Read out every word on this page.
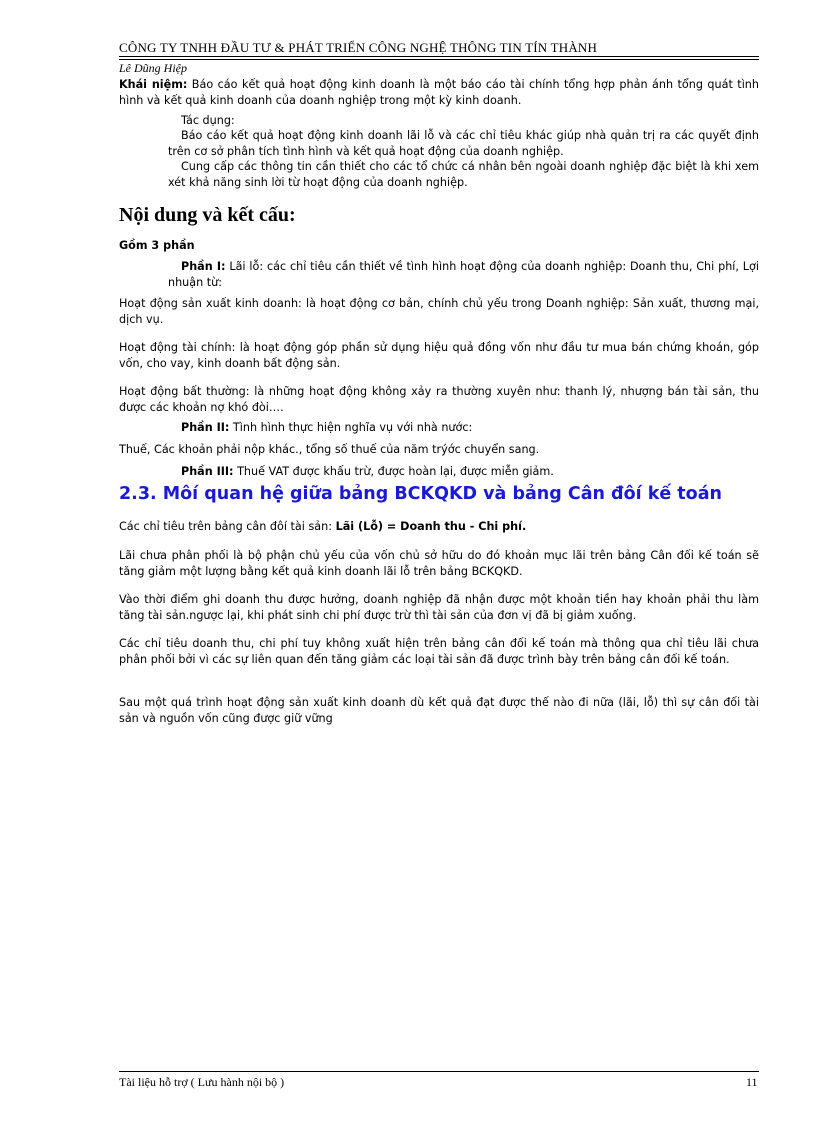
CÔNG TY TNHH ĐẦU TƯ & PHÁT TRIỂN CÔNG NGHỆ THÔNG TIN TÍN THÀNH
Lê Dũng Hiệp
Khái niệm: Báo cáo kết quả hoạt động kinh doanh là một báo cáo tài chính tổng hợp phản ánh tổng quát tình hình và kết quả kinh doanh của doanh nghiệp trong một kỳ kinh doanh.
Tác dụng:
Báo cáo kết quả hoạt động kinh doanh lãi lỗ và các chỉ tiêu khác giúp nhà quản trị ra các quyết định trên cơ sở phân tích tình hình và kết quả hoạt động của doanh nghiệp.
Cung cấp các thông tin cần thiết cho các tổ chức cá nhân bên ngoài doanh nghiệp đặc biệt là khi xem xét khả năng sinh lời từ hoạt động của doanh nghiệp.
Nội dung và kết cấu:
Gồm 3 phần
Phần I: Lãi lỗ: các chỉ tiêu cần thiết về tình hình hoạt động của doanh nghiệp: Doanh thu, Chi phí, Lợi nhuận từ:
Hoạt động sản xuất kinh doanh: là hoạt động cơ bản, chính chủ yếu trong Doanh nghiệp: Sản xuất, thương mại, dịch vụ.
Hoạt động tài chính: là hoạt động góp phần sử dụng hiệu quả đồng vốn như đầu tư mua bán chứng khoán, góp vốn, cho vay, kinh doanh bất động sản.
Hoạt động bất thường: là những hoạt động không xảy ra thường xuyên như: thanh lý, nhượng bán tài sản, thu được các khoản nợ khó đòi….
Phần II: Tình hình thực hiện nghĩa vụ với nhà nước:
Thuế, Các khoản phải nộp khác., tổng số thuế của năm trýớc chuyển sang.
Phần III: Thuế VAT được khấu trừ, được hoàn lại, được miễn giảm.
2.3. Môí quan hệ giữa bảng BCKQKD và bảng Cân đôí kế toán
Các chỉ tiêu trên bảng cân đôí tài sản: Lãi (Lỗ) = Doanh thu - Chi phí.
Lãi chưa phân phối là bộ phận chủ yếu của vốn chủ sở hữu do đó khoản mục lãi trên bảng Cân đối kế toán sẽ tăng giảm một lượng bằng kết quả kinh doanh lãi lỗ trên bảng BCKQKD.
Vào thời điểm ghi doanh thu được hưởng, doanh nghiệp đã nhận được một khoản tiền hay khoản phải thu làm tăng tài sản.ngược lại, khi phát sinh chi phí được trừ thì tài sản của đơn vị đã bị giảm xuống.
Các chỉ tiêu doanh thu, chi phí tuy không xuất hiện trên bảng cân đối kế toán mà thông qua chỉ tiêu lãi chưa phân phối bởi vì các sự liên quan đến tăng giảm các loại tài sản đã được trình bày trên bảng cân đối kế toán.
Sau một quá trình hoạt động sản xuất kinh doanh dù kết quả đạt được thế nào đi nữa (lãi, lỗ) thì sự cân đối tài sản và nguồn vốn cũng được giữ vững
Tài liệu hỗ trợ ( Lưu hành nội bộ )	11
